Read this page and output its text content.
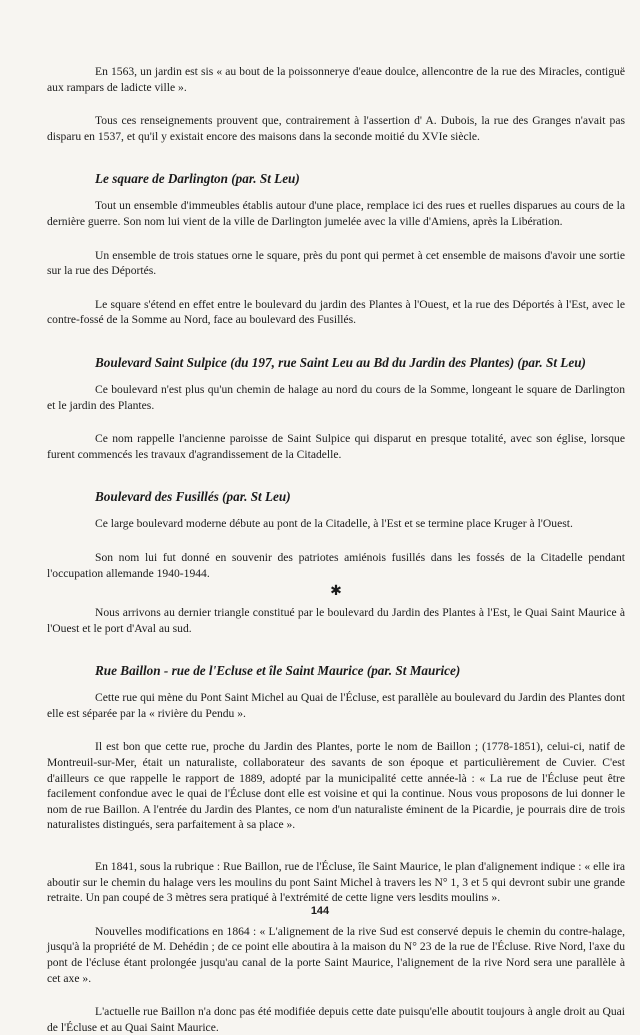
En 1563, un jardin est sis « au bout de la poissonnerye d'eaue doulce, allencontre de la rue des Miracles, contiguë aux rampars de ladicte ville ».

Tous ces renseignements prouvent que, contrairement à l'assertion d' A. Dubois, la rue des Granges n'avait pas disparu en 1537, et qu'il y existait encore des maisons dans la seconde moitié du XVIe siècle.

Le square de Darlington (par. St Leu)

Tout un ensemble d'immeubles établis autour d'une place, remplace ici des rues et ruelles disparues au cours de la dernière guerre. Son nom lui vient de la ville de Darlington jumelée avec la ville d'Amiens, après la Libération.

Un ensemble de trois statues orne le square, près du pont qui permet à cet ensemble de maisons d'avoir une sortie sur la rue des Déportés.

Le square s'étend en effet entre le boulevard du jardin des Plantes à l'Ouest, et la rue des Déportés à l'Est, avec le contre-fossé de la Somme au Nord, face au boulevard des Fusillés.

Boulevard Saint Sulpice (du 197, rue Saint Leu au Bd du Jardin des Plantes) (par. St Leu)

Ce boulevard n'est plus qu'un chemin de halage au nord du cours de la Somme, longeant le square de Darlington et le jardin des Plantes.

Ce nom rappelle l'ancienne paroisse de Saint Sulpice qui disparut en presque totalité, avec son église, lorsque furent commencés les travaux d'agrandissement de la Citadelle.

Boulevard des Fusillés (par. St Leu)

Ce large boulevard moderne débute au pont de la Citadelle, à l'Est et se termine place Kruger à l'Ouest.

Son nom lui fut donné en souvenir des patriotes amiénois fusillés dans les fossés de la Citadelle pendant l'occupation allemande 1940-1944.

✱

Nous arrivons au dernier triangle constitué par le boulevard du Jardin des Plantes à l'Est, le Quai Saint Maurice à l'Ouest et le port d'Aval au sud.

Rue Baillon - rue de l'Ecluse et île Saint Maurice (par. St Maurice)

Cette rue qui mène du Pont Saint Michel au Quai de l'Écluse, est parallèle au boulevard du Jardin des Plantes dont elle est séparée par la « rivière du Pendu ».

Il est bon que cette rue, proche du Jardin des Plantes, porte le nom de Baillon ; (1778-1851), celui-ci, natif de Montreuil-sur-Mer, était un naturaliste, collaborateur des savants de son époque et particulièrement de Cuvier. C'est d'ailleurs ce que rappelle le rapport de 1889, adopté par la municipalité cette année-là : « La rue de l'Écluse peut être facilement confondue avec le quai de l'Écluse dont elle est voisine et qui la continue. Nous vous proposons de lui donner le nom de rue Baillon. A l'entrée du Jardin des Plantes, ce nom d'un naturaliste éminent de la Picardie, je pourrais dire de trois naturalistes distingués, sera parfaitement à sa place ».

En 1841, sous la rubrique : Rue Baillon, rue de l'Écluse, île Saint Maurice, le plan d'alignement indique : « elle ira aboutir sur le chemin du halage vers les moulins du pont Saint Michel à travers les N° 1, 3 et 5 qui devront subir une grande retraite. Un pan coupé de 3 mètres sera pratiqué à l'extrémité de cette ligne vers lesdits moulins ».

Nouvelles modifications en 1864 : « L'alignement de la rive Sud est conservé depuis le chemin du contre-halage, jusqu'à la propriété de M. Dehédin ; de ce point elle aboutira à la maison du N° 23 de la rue de l'Écluse. Rive Nord, l'axe du pont de l'écluse étant prolongée jusqu'au canal de la porte Saint Maurice, l'alignement de la rive Nord sera une parallèle à cet axe ».

L'actuelle rue Baillon n'a donc pas été modifiée depuis cette date puisqu'elle aboutit toujours à angle droit au Quai de l'Écluse et au Quai Saint Maurice.

144
